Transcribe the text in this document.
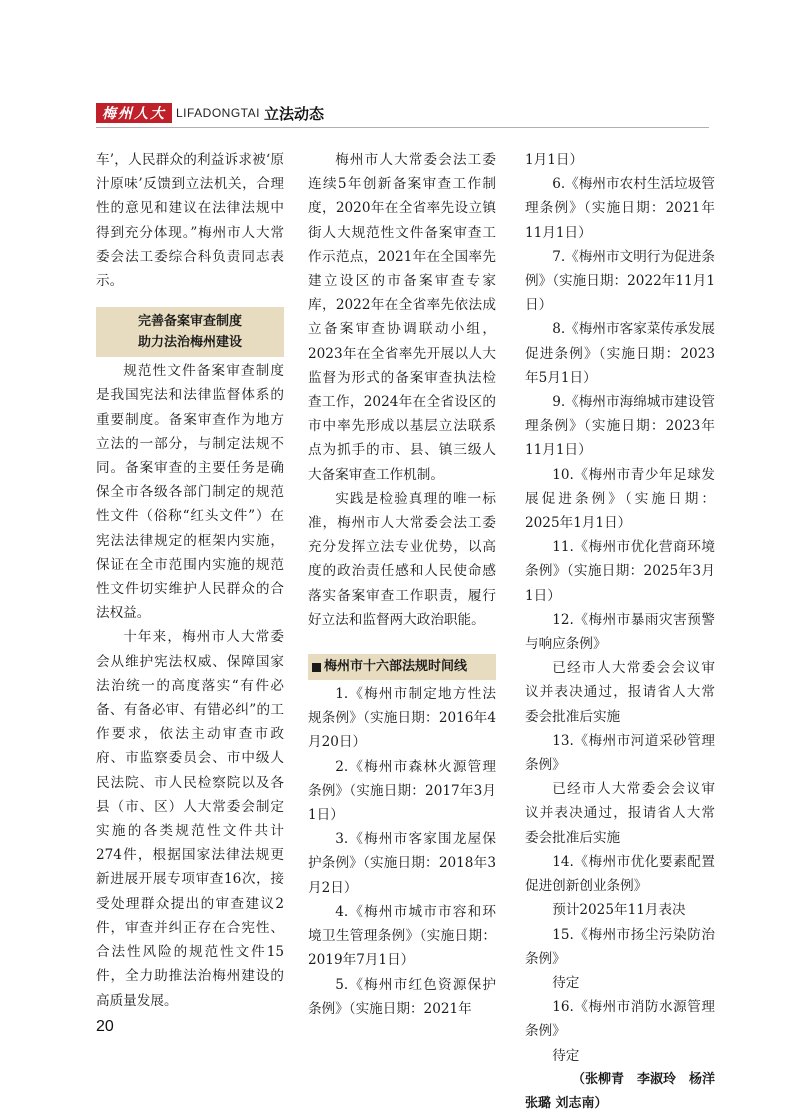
梅州人大 LIFADONGTAI 立法动态

车’，人民群众的利益诉求被‘原汁原味’反馈到立法机关，合理性的意见和建议在法律法规中得到充分体现。”梅州市人大常委会法工委综合科负责同志表示。

完善备案审查制度
助力法治梅州建设

规范性文件备案审查制度是我国宪法和法律监督体系的重要制度。备案审查作为地方立法的一部分，与制定法规不同。备案审查的主要任务是确保全市各级各部门制定的规范性文件（俗称“红头文件”）在宪法法律规定的框架内实施，保证在全市范围内实施的规范性文件切实维护人民群众的合法权益。

十年来，梅州市人大常委会从维护宪法权威、保障国家法治统一的高度落实“有件必备、有备必审、有错必纠”的工作要求，依法主动审查市政府、市监察委员会、市中级人民法院、市人民检察院以及各县（市、区）人大常委会制定实施的各类规范性文件共计274件，根据国家法律法规更新进展开展专项审查16次，接受处理群众提出的审查建议2件，审查并纠正存在合宪性、合法性风险的规范性文件15件，全力助推法治梅州建设的高质量发展。

梅州市人大常委会法工委连续5年创新备案审查工作制度，2020年在全省率先设立镇街人大规范性文件备案审查工作示范点，2021年在全国率先建立设区的市备案审查专家库，2022年在全省率先依法成立备案审查协调联动小组，2023年在全省率先开展以人大监督为形式的备案审查执法检查工作，2024年在全省设区的市中率先形成以基层立法联系点为抓手的市、县、镇三级人大备案审查工作机制。

实践是检验真理的唯一标准，梅州市人大常委会法工委充分发挥立法专业优势，以高度的政治责任感和人民使命感落实备案审查工作职责，履行好立法和监督两大政治职能。

梅州市十六部法规时间线

1.《梅州市制定地方性法规条例》（实施日期：2016年4月20日）

2.《梅州市森林火源管理条例》（实施日期：2017年3月1日）

3.《梅州市客家围龙屋保护条例》（实施日期：2018年3月2日）

4.《梅州市城市市容和环境卫生管理条例》（实施日期：2019年7月1日）

5.《梅州市红色资源保护条例》（实施日期：2021年

1月1日）

6.《梅州市农村生活垃圾管理条例》（实施日期：2021年11月1日）

7.《梅州市文明行为促进条例》（实施日期：2022年11月1日）

8.《梅州市客家菜传承发展促进条例》（实施日期：2023年5月1日）

9.《梅州市海绵城市建设管理条例》（实施日期：2023年11月1日）

10.《梅州市青少年足球发展促进条例》（实施日期：2025年1月1日）

11.《梅州市优化营商环境条例》（实施日期：2025年3月1日）

12.《梅州市暴雨灾害预警与响应条例》

已经市人大常委会会议审议并表决通过，报请省人大常委会批准后实施

13.《梅州市河道采砂管理条例》

已经市人大常委会会议审议并表决通过，报请省人大常委会批准后实施

14.《梅州市优化要素配置促进创新创业条例》

预计2025年11月表决

15.《梅州市扬尘污染防治条例》

待定

16.《梅州市消防水源管理条例》

待定

（张柳青　李淑玲　杨洋
张璐 刘志南）
20
